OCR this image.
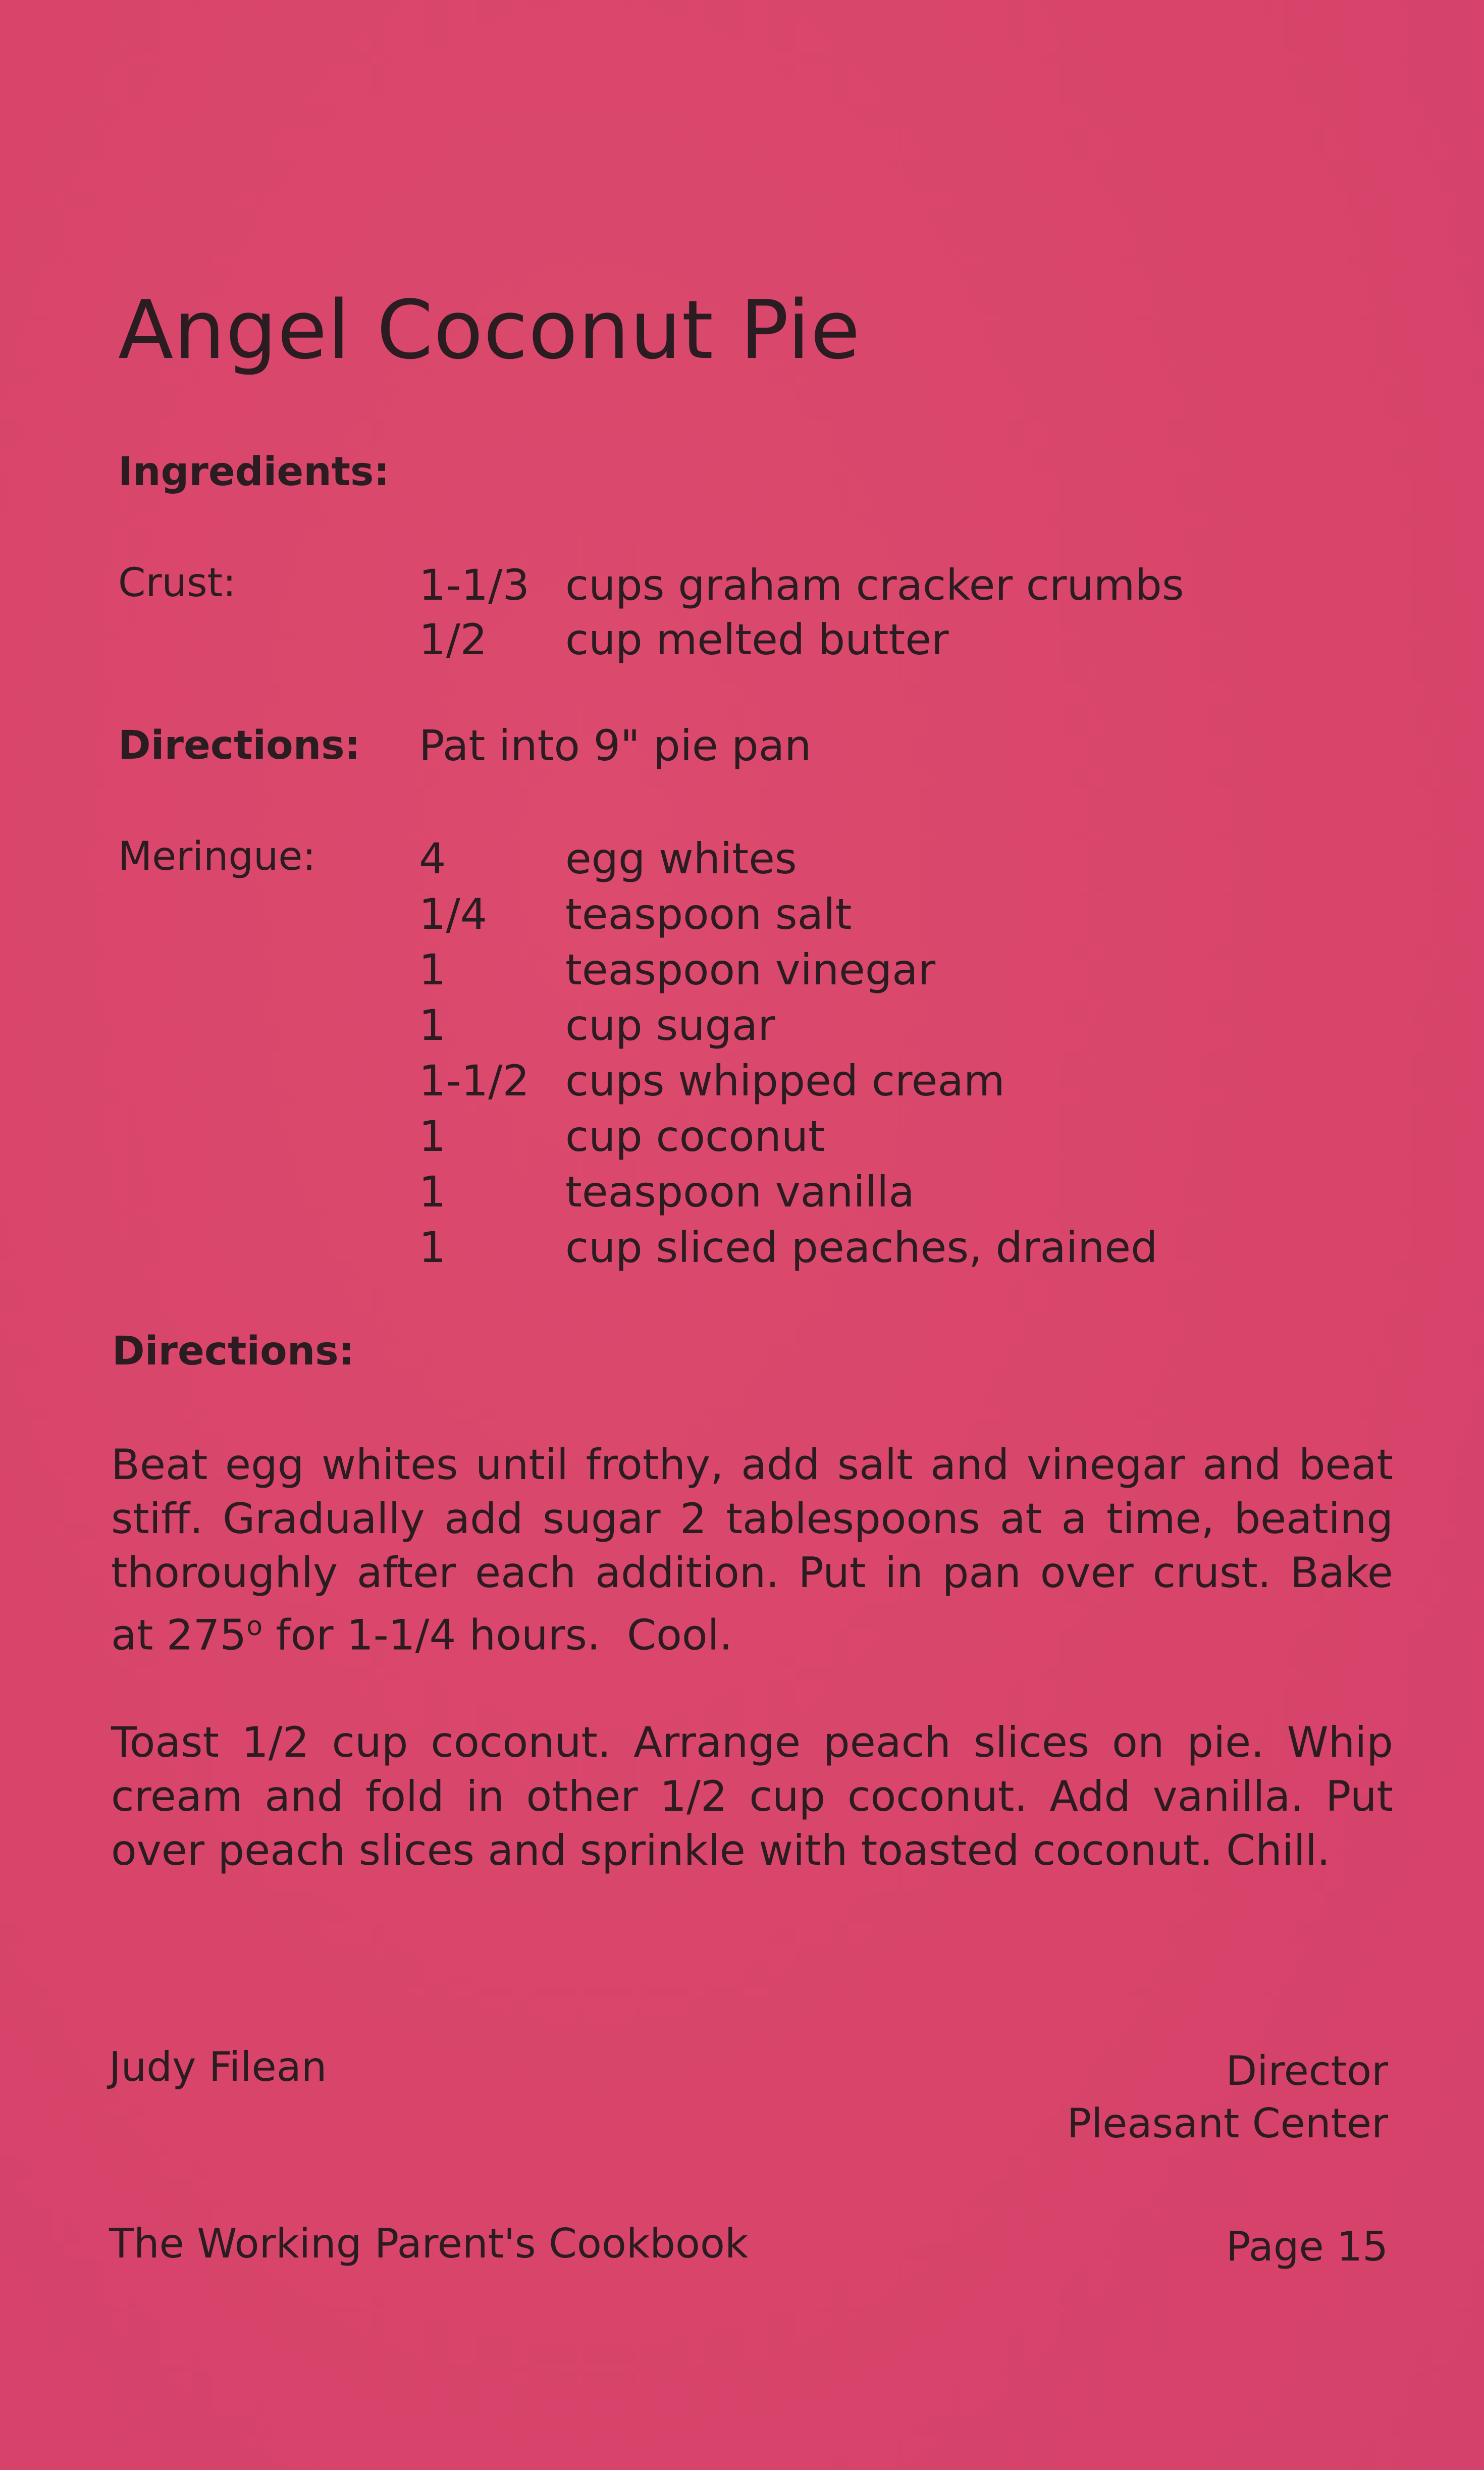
Angel Coconut Pie
Ingredients:
Crust:	1-1/3 cups graham cracker crumbs
1/2 cup melted butter
Directions: Pat into 9" pie pan
Meringue: 4	egg whites
1/4 teaspoon salt
1	teaspoon vinegar
1	cup sugar
1-1/2 cups whipped cream
1	cup coconut
1	teaspoon vanilla
1	cup sliced peaches, drained
Directions:
Beat egg whites until frothy, add salt and vinegar and beat
stiff. Gradually add sugar 2 tablespoons at a time, beating
thoroughly after each addition. Put in pan over crust. Bake
at 275$^o$ for 1-1/4 hours.  Cool.
Toast 1/2 cup coconut. Arrange peach slices on pie. Whip
cream and fold in other 1/2 cup coconut. Add vanilla. Put
over peach slices and sprinkle with toasted coconut. Chill.
Judy Filean	Director
Pleasant Center
The Working Parent's Cookbook	Page 15
